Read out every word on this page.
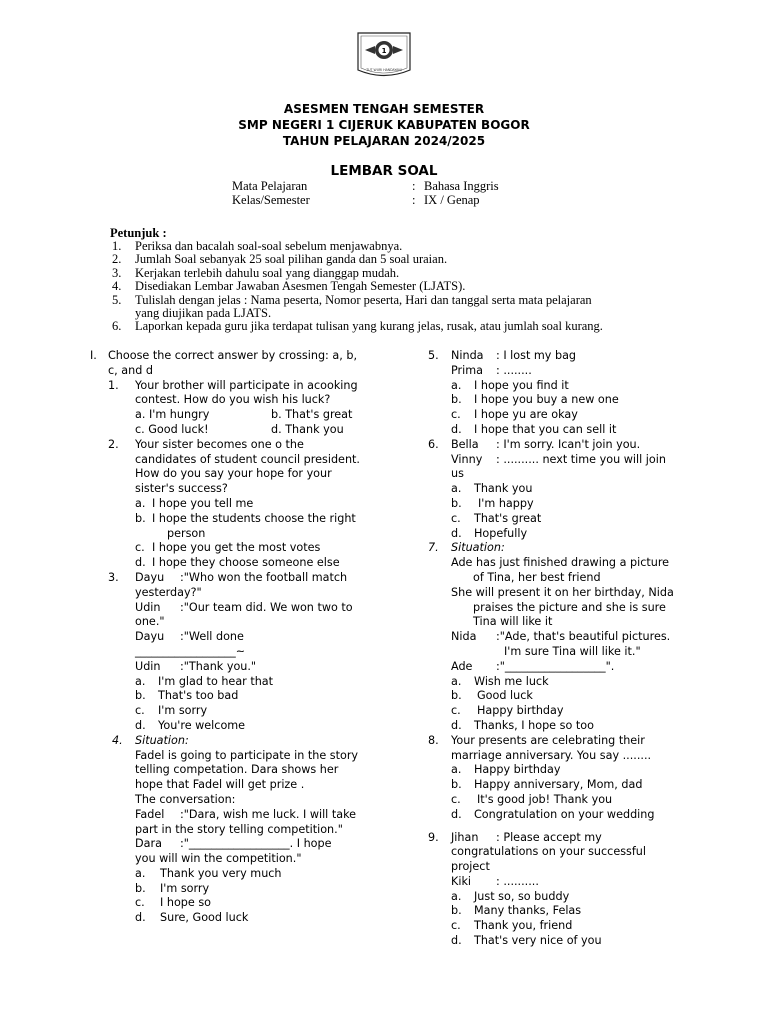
1
TUT WURI HANDAYANI
ASESMEN TENGAH SEMESTER
SMP NEGERI 1 CIJERUK KABUPATEN BOGOR
TAHUN PELAJARAN 2024/2025
LEMBAR SOAL
Mata Pelajaran	: Bahasa Inggris
Kelas/Semester	: IX / Genap
Petunjuk :
1. Periksa dan bacalah soal-soal sebelum menjawabnya.
2. Jumlah Soal sebanyak 25 soal pilihan ganda dan 5 soal uraian.
3. Kerjakan terlebih dahulu soal yang dianggap mudah.
4. Disediakan Lembar Jawaban Asesmen Tengah Semester (LJATS).
5. Tulislah dengan jelas : Nama peserta, Nomor peserta, Hari dan tanggal serta mata pelajaran
yang diujikan pada LJATS.
6. Laporkan kepada guru jika terdapat tulisan yang kurang jelas, rusak, atau jumlah soal kurang.
I. Choose the correct answer by crossing: a, b,
c, and d
1. Your brother will participate in acooking
contest. How do you wish his luck?
a. I'm hungry	b. That's great
c. Good luck!	d. Thank you
2. Your sister becomes one o the
candidates of student council president.
How do you say your hope for your
sister's success?
a. I hope you tell me
b. I hope the students choose the right
person
c. I hope you get the most votes
d. I hope they choose someone else
3. Dayu :"Who won the football match
yesterday?"
Udin :"Our team did. We won two to
one."
Dayu :"Well done
__________________~
Udin :"Thank you."
a. I'm glad to hear that
b. That's too bad
c. I'm sorry
d. You're welcome
4. Situation:
Fadel is going to participate in the story
telling competation. Dara shows her
hope that Fadel will get prize .
The conversation:
Fadel :"Dara, wish me luck. I will take
part in the story telling competition."
Dara :"__________________. I hope
you will win the competition."
a. Thank you very much
b. I'm sorry
c. I hope so
d. Sure, Good luck
5. Ninda : I lost my bag
Prima : ........
a. I hope you find it
b. I hope you buy a new one
c. I hope yu are okay
d. I hope that you can sell it
6. Bella : I'm sorry. Ican't join you.
Vinny : .......... next time you will join
us
a. Thank you
b. I'm happy
c. That's great
d. Hopefully
7. Situation:
Ade has just finished drawing a picture
of Tina, her best friend
She will present it on her birthday, Nida
praises the picture and she is sure
Tina will like it
Nida :"Ade, that's beautiful pictures.
I'm sure Tina will like it."
Ade :"__________________".
a. Wish me luck
b. Good luck
c. Happy birthday
d. Thanks, I hope so too
8. Your presents are celebrating their
marriage anniversary. You say ........
a. Happy birthday
b. Happy anniversary, Mom, dad
c. It's good job! Thank you
d. Congratulation on your wedding
9. Jihan : Please accept my
congratulations on your successful
project
Kiki : ..........
a. Just so, so buddy
b. Many thanks, Felas
c. Thank you, friend
d. That's very nice of you
